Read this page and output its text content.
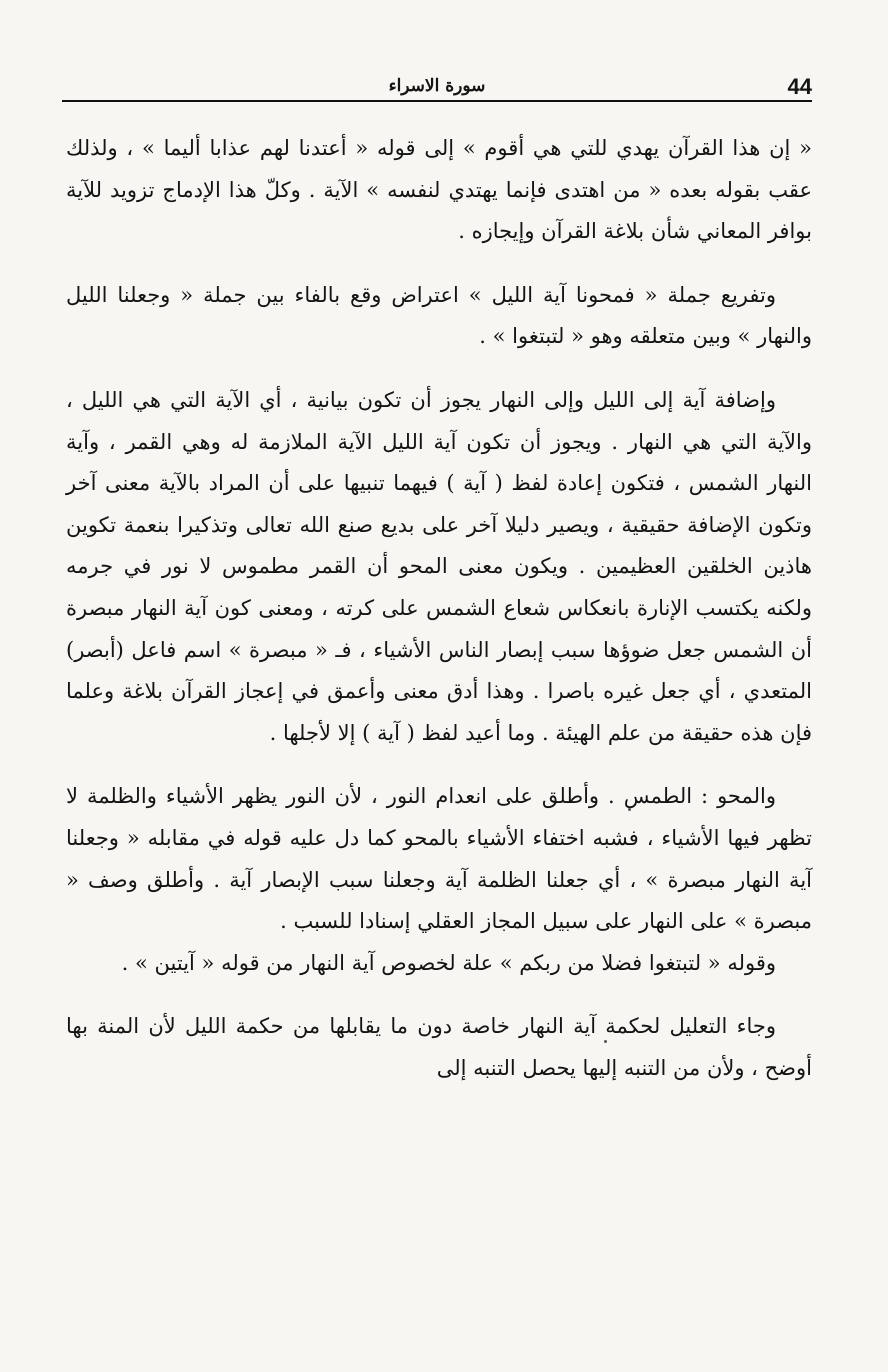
44
سورة الاسراء

« إن هذا القرآن يهدي للتي هي أقوم » إلى قوله « أعتدنا لهم عذابا أليما » ، ولذلك عقب بقوله بعده « من اهتدى فإنما يهتدي لنفسه » الآية . وكلّ هذا الإدماج تزويد للآية بوافر المعاني شأن بلاغة القرآن وإيجازه .

وتفريع جملة « فمحونا آية الليل » اعتراض وقع بالفاء بين جملة « وجعلنا الليل والنهار » وبين متعلقه وهو « لتبتغوا » .

وإضافة آية إلى الليل وإلى النهار يجوز أن تكون بيانية ، أي الآية التي هي الليل ، والآية التي هي النهار . ويجوز أن تكون آية الليل الآية الملازمة له وهي القمر ، وآية النهار الشمس ، فتكون إعادة لفظ ( آية ) فيهما تنبيها على أن المراد بالآية معنى آخر وتكون الإضافة حقيقية ، ويصير دليلا آخر على بديع صنع الله تعالى وتذكيرا بنعمة تكوين هاذين الخلقين العظيمين . ويكون معنى المحو أن القمر مطموس لا نور في جرمه ولكنه يكتسب الإنارة بانعكاس شعاع الشمس على كرته ، ومعنى كون آية النهار مبصرة أن الشمس جعل ضوؤها سبب إبصار الناس الأشياء ، فـ « مبصرة » اسم فاعل (أبصر) المتعدي ، أي جعل غيره باصرا . وهذا أدق معنى وأعمق في إعجاز القرآن بلاغة وعلما فإن هذه حقيقة من علم الهيئة . وما أعيد لفظ ( آية ) إلا لأجلها .

والمحو : الطمس . وأطلق على انعدام النور ، لأن النور يظهر الأشياء والظلمة لا تظهر فيها الأشياء ، فشبه اختفاء الأشياء بالمحو كما دل عليه قوله في مقابله « وجعلنا آية النهار مبصرة » ، أي جعلنا الظلمة آية وجعلنا سبب الإبصار آية . وأطلق وصف « مبصرة » على النهار على سبيل المجاز العقلي إسنادا للسبب .

وقوله « لتبتغوا فضلا من ربكم » علة لخصوص آية النهار من قوله « آيتين » .

وجاء التعليل لحكمة آية النهار خاصة دون ما يقابلها من حكمة الليل لأن المنة بها أوضح ، ولأن من التنبه إليها يحصل التنبه إلى
